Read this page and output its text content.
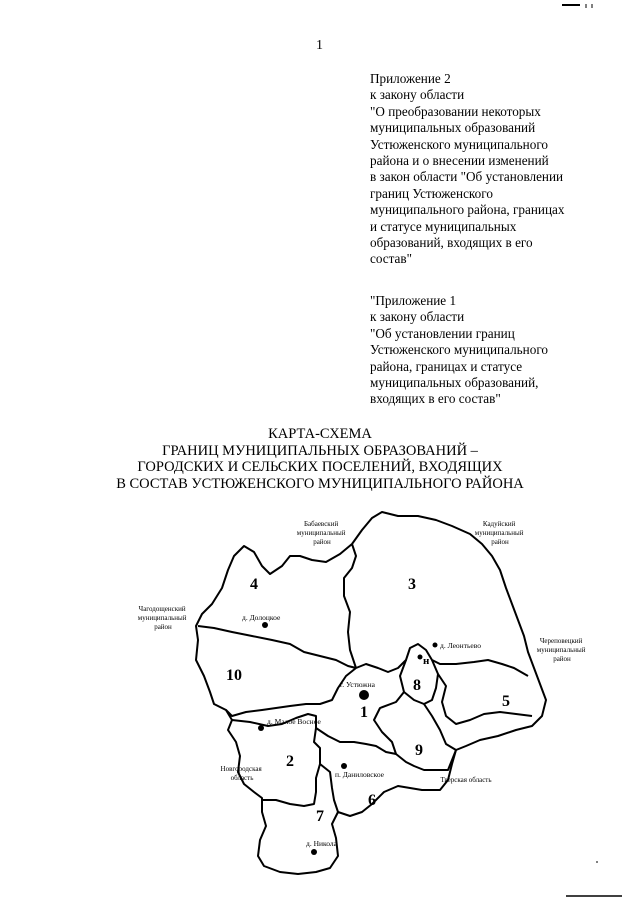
1
Приложение 2
к закону области
"О преобразовании некоторых
муниципальных образований
Устюженского муниципального
района и о внесении изменений
в закон области "Об установлении
границ Устюженского
муниципального района, границах
и статусе муниципальных
образований, входящих в его
состав"
"Приложение 1
к закону области
"Об установлении границ
Устюженского муниципального
района, границах и статусе
муниципальных образований,
входящих в его состав"
КАРТА-СХЕМА
ГРАНИЦ МУНИЦИПАЛЬНЫХ ОБРАЗОВАНИЙ –
ГОРОДСКИХ И СЕЛЬСКИХ ПОСЕЛЕНИЙ, ВХОДЯЩИХ
В СОСТАВ УСТЮЖЕНСКОГО МУНИЦИПАЛЬНОГО РАЙОНА
1
2
3
4
5
6
7
8
9
10
н
г. Устюжна
д. Долоцкое
д. Леонтьево
д. Малое Восное
п. Даниловское
д. Никола
Бабаевский муниципальный район
Кадуйский муниципальный район
Чагодощенский муниципальный район
Череповецкий муниципальный район
Новгородская область	Тверская область
